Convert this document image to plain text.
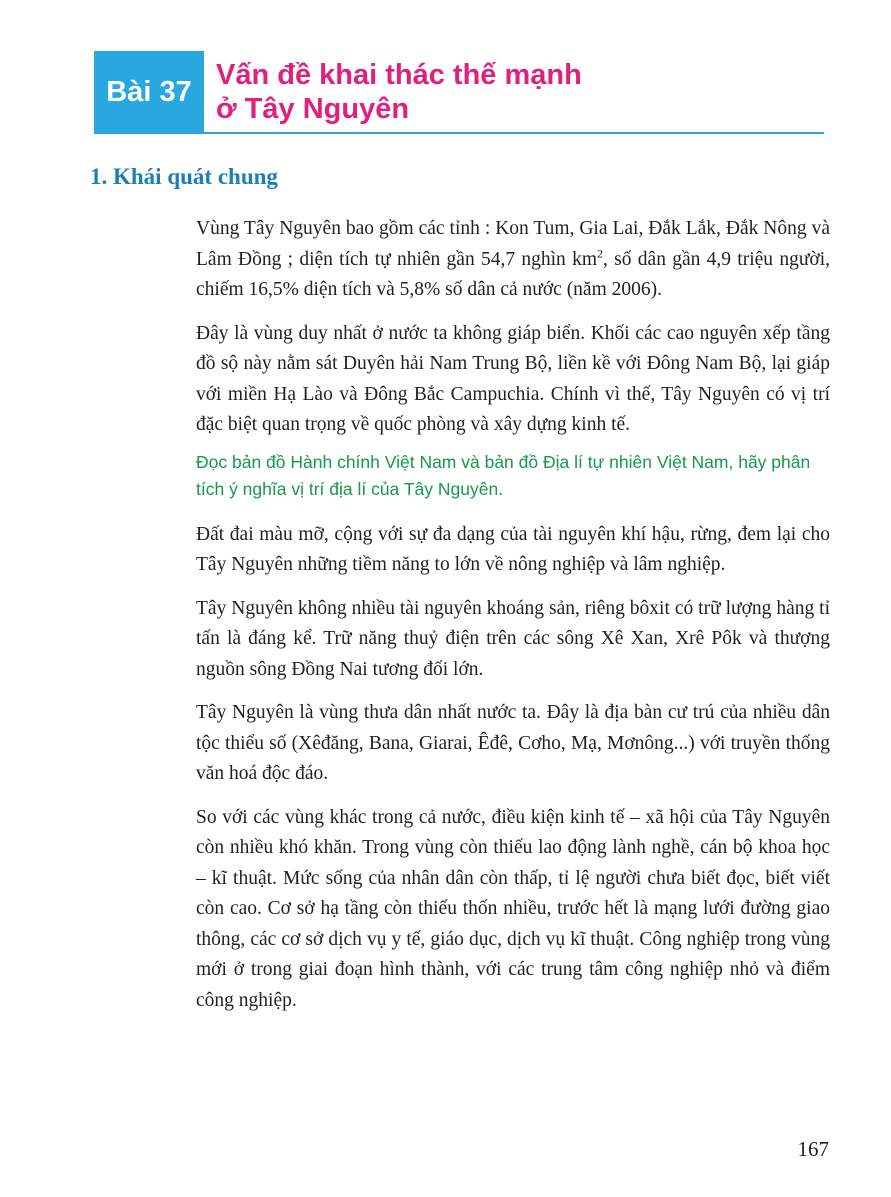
Bài 37
Vấn đề khai thác thế mạnh
ở Tây Nguyên
1. Khái quát chung

Vùng Tây Nguyên bao gồm các tỉnh : Kon Tum, Gia Lai, Đắk Lắk, Đắk Nông và Lâm Đồng ; diện tích tự nhiên gần 54,7 nghìn $km^2$, số dân gần 4,9 triệu người, chiếm 16,5% diện tích và 5,8% số dân cả nước (năm 2006).

Đây là vùng duy nhất ở nước ta không giáp biển. Khối các cao nguyên xếp tầng đồ sộ này nằm sát Duyên hải Nam Trung Bộ, liền kề với Đông Nam Bộ, lại giáp với miền Hạ Lào và Đông Bắc Campuchia. Chính vì thế, Tây Nguyên có vị trí đặc biệt quan trọng về quốc phòng và xây dựng kinh tế.

Đọc bản đồ Hành chính Việt Nam và bản đồ Địa lí tự nhiên Việt Nam, hãy phân tích ý nghĩa vị trí địa lí của Tây Nguyên.

Đất đai màu mỡ, cộng với sự đa dạng của tài nguyên khí hậu, rừng, đem lại cho Tây Nguyên những tiềm năng to lớn về nông nghiệp và lâm nghiệp.

Tây Nguyên không nhiều tài nguyên khoáng sản, riêng bôxit có trữ lượng hàng tỉ tấn là đáng kể. Trữ năng thuỷ điện trên các sông Xê Xan, Xrê Pôk và thượng nguồn sông Đồng Nai tương đối lớn.

Tây Nguyên là vùng thưa dân nhất nước ta. Đây là địa bàn cư trú của nhiều dân tộc thiểu số (Xêđăng, Bana, Giarai, Êđê, Cơho, Mạ, Mơnông...) với truyền thống văn hoá độc đáo.

So với các vùng khác trong cả nước, điều kiện kinh tế – xã hội của Tây Nguyên còn nhiều khó khăn. Trong vùng còn thiếu lao động lành nghề, cán bộ khoa học – kĩ thuật. Mức sống của nhân dân còn thấp, tỉ lệ người chưa biết đọc, biết viết còn cao. Cơ sở hạ tầng còn thiếu thốn nhiều, trước hết là mạng lưới đường giao thông, các cơ sở dịch vụ y tế, giáo dục, dịch vụ kĩ thuật. Công nghiệp trong vùng mới ở trong giai đoạn hình thành, với các trung tâm công nghiệp nhỏ và điểm công nghiệp.

167
